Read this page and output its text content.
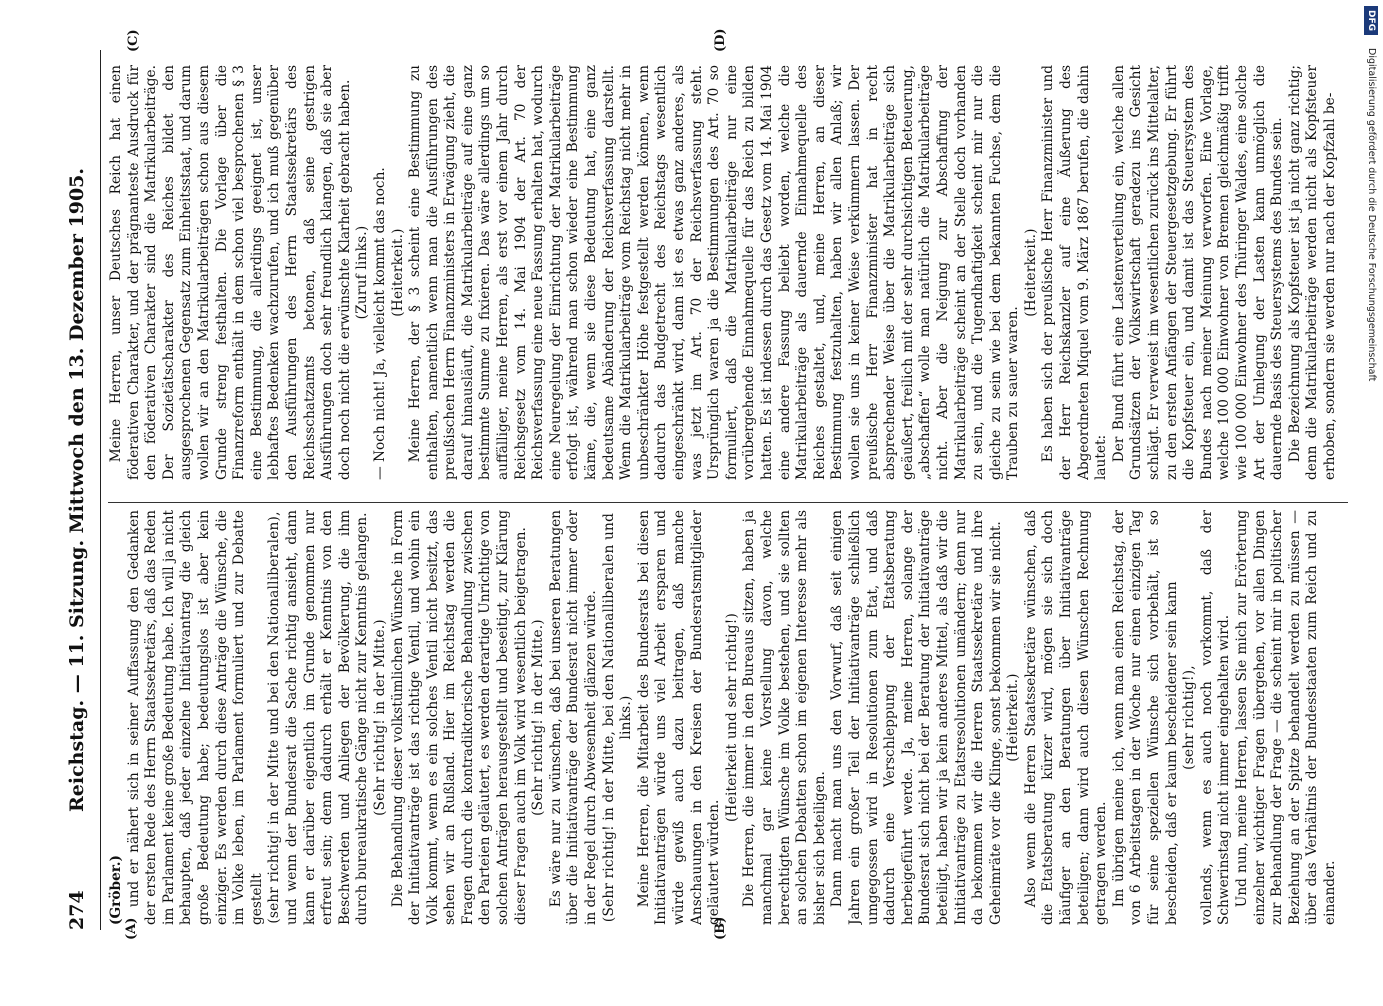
274
Reichstag. — 11. Sitzung. Mittwoch den 13. Dezember 1905.
(A)	(B)
(C)	(D)

(Gröber.) und er nähert sich in seiner Auffassung den Gedanken der ersten Rede des Herrn Staatssekretärs, daß das Reden im Parlament keine große Bedeutung habe. Ich will ja nicht behaupten, daß jeder einzelne Initiativantrag die gleich große Bedeutung habe; bedeutungslos ist aber kein einziger. Es werden durch diese Anträge die Wünsche, die im Volke leben, im Parlament formuliert und zur Debatte gestellt (sehr richtig! in der Mitte und bei den Nationalliberalen), und wenn der Bundesrat die Sache richtig ansieht, dann kann er darüber eigentlich im Grunde genommen nur erfreut sein; denn dadurch erhält er Kenntnis von den Beschwerden und Anliegen der Bevölkerung, die ihm durch bureaukratische Gänge nicht zur Kenntnis gelangen. (Sehr richtig! in der Mitte.) Die Behandlung dieser volkstümlichen Wünsche in Form der Initiativanträge ist das richtige Ventil, und wohin ein Volk kommt, wenn es ein solches Ventil nicht besitzt, das sehen wir an Rußland. Hier im Reichstag werden die Fragen durch die kontradiktorische Behandlung zwischen den Parteien geläutert, es werden derartige Unrichtige von solchen Anträgen herausgestellt und beseitigt, zur Klärung dieser Fragen auch im Volk wird wesentlich beigetragen. (Sehr richtig! in der Mitte.) Es wäre nur zu wünschen, daß bei unseren Beratungen über die Initiativanträge der Bundesrat nicht immer oder in der Regel durch Abwesenheit glänzen würde. (Sehr richtig! in der Mitte, bei den Nationalliberalen und links.) Meine Herren, die Mitarbeit des Bundesrats bei diesen Initiativanträgen würde uns viel Arbeit ersparen und würde gewiß auch dazu beitragen, daß manche Anschauungen in den Kreisen der Bundesratsmitglieder geläutert würden.

(Heiterkeit und sehr richtig!) Die Herren, die immer in den Bureaus sitzen, haben ja manchmal gar keine Vorstellung davon, welche berechtigten Wünsche im Volke bestehen, und sie sollten an solchen Debatten schon im eigenen Interesse mehr als bisher sich beteiligen. Dann macht man uns den Vorwurf, daß seit einigen Jahren ein großer Teil der Initiativanträge schließlich umgegossen wird in Resolutionen zum Etat, und daß dadurch eine Verschleppung der Etatsberatung herbeigeführt werde. Ja, meine Herren, solange der Bundesrat sich nicht bei der Beratung der Initiativanträge beteiligt, haben wir ja kein anderes Mittel, als daß wir die Initiativanträge zu Etatsresolutionen umändern; denn nur da bekommen wir die Herren Staatssekretäre und ihre Geheimräte vor die Klinge, sonst bekommen wir sie nicht. (Heiterkeit.) Also wenn die Herren Staatssekretäre wünschen, daß die Etatsberatung kürzer wird, mögen sie sich doch häufiger an den Beratungen über Initiativanträge beteiligen; dann wird auch diesen Wünschen Rechnung getragen werden. Im übrigen meine ich, wenn man einen Reichstag, der von 6 Arbeitstagen in der Woche nur einen einzigen Tag für seine speziellen Wünsche sich vorbehält, ist so bescheiden, daß er kaum bescheidener sein kann (sehr richtig!), vollends, wenn es auch noch vorkommt, daß der Schwerinstag nicht immer eingehalten wird. Und nun, meine Herren, lassen Sie mich zur Erörterung einzelner wichtiger Fragen übergehen, vor allen Dingen zur Behandlung der Frage — die scheint mir in politischer Beziehung an der Spitze behandelt werden zu müssen — über das Verhältnis der Bundesstaaten zum Reich und zu einander.

Meine Herren, unser Deutsches Reich hat einen föderativen Charakter, und der prägnanteste Ausdruck für den föderativen Charakter sind die Matrikularbeiträge. Der Sozietätscharakter des Reiches bildet den ausgesprochenen Gegensatz zum Einheitsstaat, und darum wollen wir an den Matrikularbeiträgen schon aus diesem Grunde streng festhalten. Die Vorlage über die Finanzreform enthält in dem schon viel besprochenen § 3 eine Bestimmung, die allerdings geeignet ist, unser lebhaftes Bedenken wachzurufen, und ich muß gegenüber den Ausführungen des Herrn Staatssekretärs des Reichsschatzamts betonen, daß seine gestrigen Ausführungen doch sehr freundlich klangen, daß sie aber doch noch nicht die erwünschte Klarheit gebracht haben. (Zuruf links.) — Noch nicht! Ja, vielleicht kommt das noch. (Heiterkeit.) Meine Herren, der § 3 scheint eine Bestimmung zu enthalten, namentlich wenn man die Ausführungen des preußischen Herrn Finanzministers in Erwägung zieht, die darauf hinausläuft, die Matrikularbeiträge auf eine ganz bestimmte Summe zu fixieren. Das wäre allerdings um so auffälliger, meine Herren, als erst vor einem Jahr durch Reichsgesetz vom 14. Mai 1904 der Art. 70 der Reichsverfassung eine neue Fassung erhalten hat, wodurch eine Neuregelung der Einrichtung der Matrikularbeiträge erfolgt ist, während man schon wieder eine Bestimmung käme, die, wenn sie diese Bedeutung hat, eine ganz bedeutsame Abänderung der Reichsverfassung darstellt. Wenn die Matrikularbeiträge vom Reichstag nicht mehr in unbeschränkter Höhe festgestellt werden können, wenn dadurch das Budgetrecht des Reichstags wesentlich eingeschränkt wird, dann ist es etwas ganz anderes, als was jetzt im Art. 70 der Reichsverfassung steht. Ursprünglich waren ja die Bestimmungen des Art. 70 so formuliert, daß die Matrikularbeiträge nur eine vorübergehende Einnahmequelle für das Reich zu bilden hatten. Es ist indessen durch das Gesetz vom 14. Mai 1904 eine andere Fassung beliebt worden, welche die Matrikularbeiträge als dauernde Einnahmequelle des Reiches gestaltet, und, meine Herren, an dieser Bestimmung festzuhalten, haben wir allen Anlaß; wir wollen sie uns in keiner Weise verkümmern lassen. Der preußische Herr Finanzminister hat in recht absprechender Weise über die Matrikularbeiträge sich geäußert, freilich mit der sehr durchsichtigen Beteuerung, „abschaffen“ wolle man natürlich die Matrikularbeiträge nicht. Aber die Neigung zur Abschaffung der Matrikularbeiträge scheint an der Stelle doch vorhanden zu sein, und die Tugendhaftigkeit scheint mir nur die gleiche zu sein wie bei dem bekannten Fuchse, dem die Trauben zu sauer waren.

(Heiterkeit.) Es haben sich der preußische Herr Finanzminister und der Herr Reichskanzler auf eine Äußerung des Abgeordneten Miquel vom 9. März 1867 berufen, die dahin lautet: Der Bund führt eine Lastenverteilung ein, welche allen Grundsätzen der Volkswirtschaft geradezu ins Gesicht schlägt. Er verweist im wesentlichen zurück ins Mittelalter, zu den ersten Anfängen der Steuergesetzgebung. Er führt die Kopfsteuer ein, und damit ist das Steuersystem des Bundes nach meiner Meinung verworfen. Eine Vorlage, welche 100 000 Einwohner von Bremen gleichmäßig trifft wie 100 000 Einwohner des Thüringer Waldes, eine solche Art der Umlegung der Lasten kann unmöglich die dauernde Basis des Steuersystems des Bundes sein. Die Bezeichnung als Kopfsteuer ist ja nicht ganz richtig; denn die Matrikularbeiträge werden nicht als Kopfsteuer erhoben, sondern sie werden nur nach der Kopfzahl be-

DFG Digitalisierung gefördert durch die Deutsche Forschungsgemeinschaft
